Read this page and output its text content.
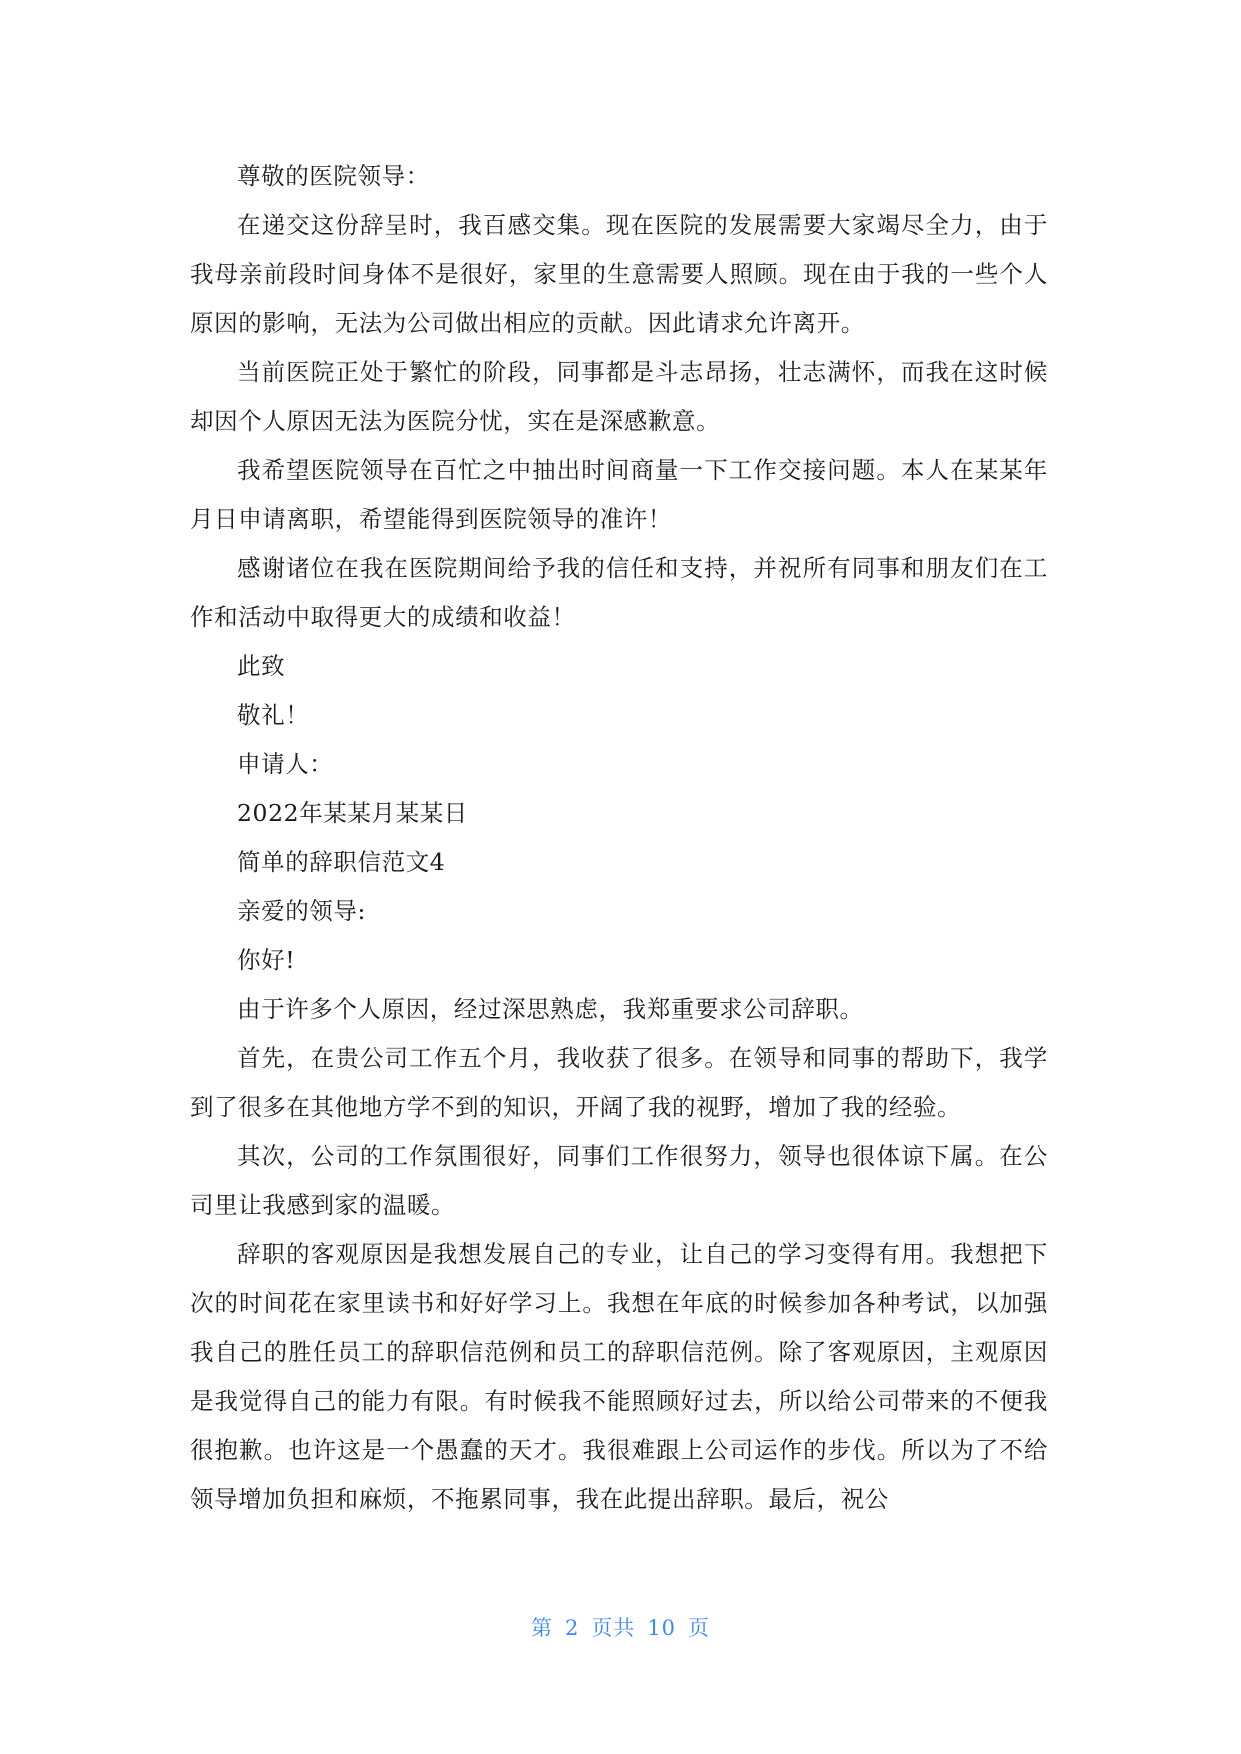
尊敬的医院领导：

在递交这份辞呈时，我百感交集。现在医院的发展需要大家竭尽全力，由于我母亲前段时间身体不是很好，家里的生意需要人照顾。现在由于我的一些个人原因的影响，无法为公司做出相应的贡献。因此请求允许离开。

当前医院正处于繁忙的阶段，同事都是斗志昂扬，壮志满怀，而我在这时候却因个人原因无法为医院分忧，实在是深感歉意。

我希望医院领导在百忙之中抽出时间商量一下工作交接问题。本人在某某年月日申请离职，希望能得到医院领导的准许！

感谢诸位在我在医院期间给予我的信任和支持，并祝所有同事和朋友们在工作和活动中取得更大的成绩和收益！

此致

敬礼！

申请人：

2022年某某月某某日

简单的辞职信范文4

亲爱的领导:

你好!

由于许多个人原因，经过深思熟虑，我郑重要求公司辞职。

首先，在贵公司工作五个月，我收获了很多。在领导和同事的帮助下，我学到了很多在其他地方学不到的知识，开阔了我的视野，增加了我的经验。

其次，公司的工作氛围很好，同事们工作很努力，领导也很体谅下属。在公司里让我感到家的温暖。

辞职的客观原因是我想发展自己的专业，让自己的学习变得有用。我想把下次的时间花在家里读书和好好学习上。我想在年底的时候参加各种考试，以加强我自己的胜任员工的辞职信范例和员工的辞职信范例。除了客观原因，主观原因是我觉得自己的能力有限。有时候我不能照顾好过去，所以给公司带来的不便我很抱歉。也许这是一个愚蠢的天才。我很难跟上公司运作的步伐。所以为了不给领导增加负担和麻烦，不拖累同事，我在此提出辞职。最后，祝公

第 2 页共 10 页
